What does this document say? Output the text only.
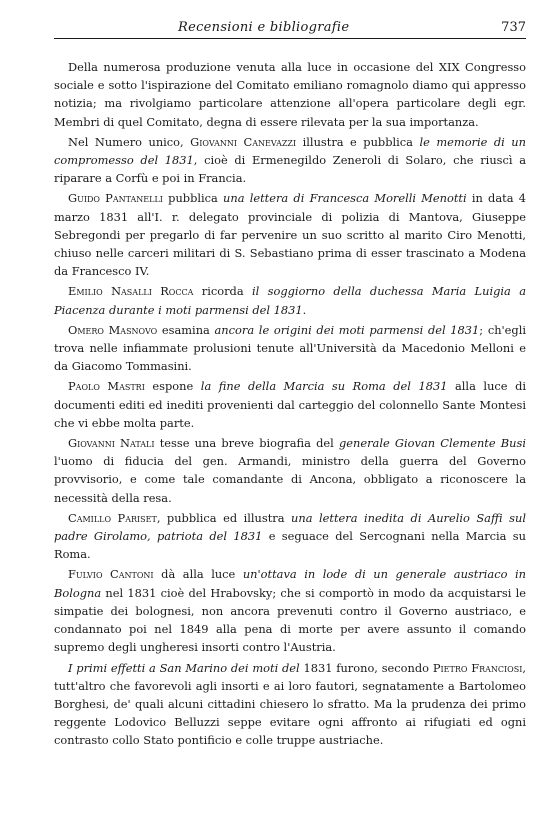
Recensioni e bibliografie	737

Della numerosa produzione venuta alla luce in occasione del XIX Congresso sociale e sotto l'ispirazione del Comitato emiliano romagnolo diamo qui appresso notizia; ma rivolgiamo particolare attenzione all'opera particolare degli egr. Membri di quel Comitato, degna di essere rilevata per la sua importanza.

Nel Numero unico, Giovanni Canevazzi illustra e pubblica le memorie di un compromesso del 1831, cioè di Ermenegildo Zeneroli di Solaro, che riuscì a riparare a Corfù e poi in Francia.

Guido Pantanelli pubblica una lettera di Francesca Morelli Menotti in data 4 marzo 1831 all'I. r. delegato provinciale di polizia di Mantova, Giuseppe Sebregondi per pregarlo di far pervenire un suo scritto al marito Ciro Menotti, chiuso nelle carceri militari di S. Sebastiano prima di esser trascinato a Modena da Francesco IV.

Emilio Nasalli Rocca ricorda il soggiorno della duchessa Maria Luigia a Piacenza durante i moti parmensi del 1831.

Omero Masnovo esamina ancora le origini dei moti parmensi del 1831; ch'egli trova nelle infiammate prolusioni tenute all'Università da Macedonio Melloni e da Giacomo Tommasini.

Paolo Mastri espone la fine della Marcia su Roma del 1831 alla luce di documenti editi ed inediti provenienti dal carteggio del colonnello Sante Montesi che vi ebbe molta parte.

Giovanni Natali tesse una breve biografia del generale Giovan Clemente Busi l'uomo di fiducia del gen. Armandi, ministro della guerra del Governo provvisorio, e come tale comandante di Ancona, obbligato a riconoscere la necessità della resa.

Camillo Pariset, pubblica ed illustra una lettera inedita di Aurelio Saffi sul padre Girolamo, patriota del 1831 e seguace del Sercognani nella Marcia su Roma.

Fulvio Cantoni dà alla luce un'ottava in lode di un generale austriaco in Bologna nel 1831 cioè del Hrabovsky; che si comportò in modo da acquistarsi le simpatie dei bolognesi, non ancora prevenuti contro il Governo austriaco, e condannato poi nel 1849 alla pena di morte per avere assunto il comando supremo degli ungheresi insorti contro l'Austria.

I primi effetti a San Marino dei moti del 1831 furono, secondo Pietro Franciosi, tutt'altro che favorevoli agli insorti e ai loro fautori, segnatamente a Bartolomeo Borghesi, de' quali alcuni cittadini chiesero lo sfratto. Ma la prudenza dei primo reggente Lodovico Belluzzi seppe evitare ogni affronto ai rifugiati ed ogni contrasto collo Stato pontificio e colle truppe austriache.
